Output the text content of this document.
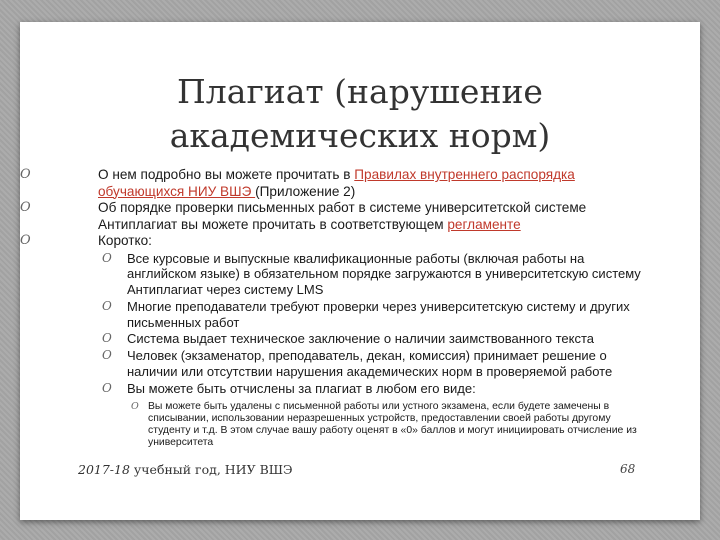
Плагиат (нарушение
академических норм)
O	О нем подробно вы можете прочитать в Правилах внутреннего распорядка обучающихся НИУ ВШЭ (Приложение 2)
O	Об порядке проверки письменных работ в системе университетской системе Антиплагиат вы можете прочитать в соответствующем регламенте
O	Коротко:
O Все курсовые и выпускные квалификационные работы (включая работы на английском языке) в обязательном порядке загружаются в университетскую систему Антиплагиат через систему LMS
O Многие преподаватели требуют проверки через университетскую систему и других письменных работ
O Система выдает техническое заключение о наличии заимствованного текста
O Человек (экзаменатор, преподаватель, декан, комиссия) принимает решение о наличии или отсутствии нарушения академических норм в проверяемой работе
O Вы можете быть отчислены за плагиат в любом его виде:
O Вы можете быть удалены с письменной работы или устного экзамена, если будете замечены в списывании, использовании неразрешенных устройств, предоставлении своей работы другому студенту и т.д. В этом случае вашу работу оценят в «0» баллов и могут инициировать отчисление из университета
2017-18 учебный год, НИУ ВШЭ	68
